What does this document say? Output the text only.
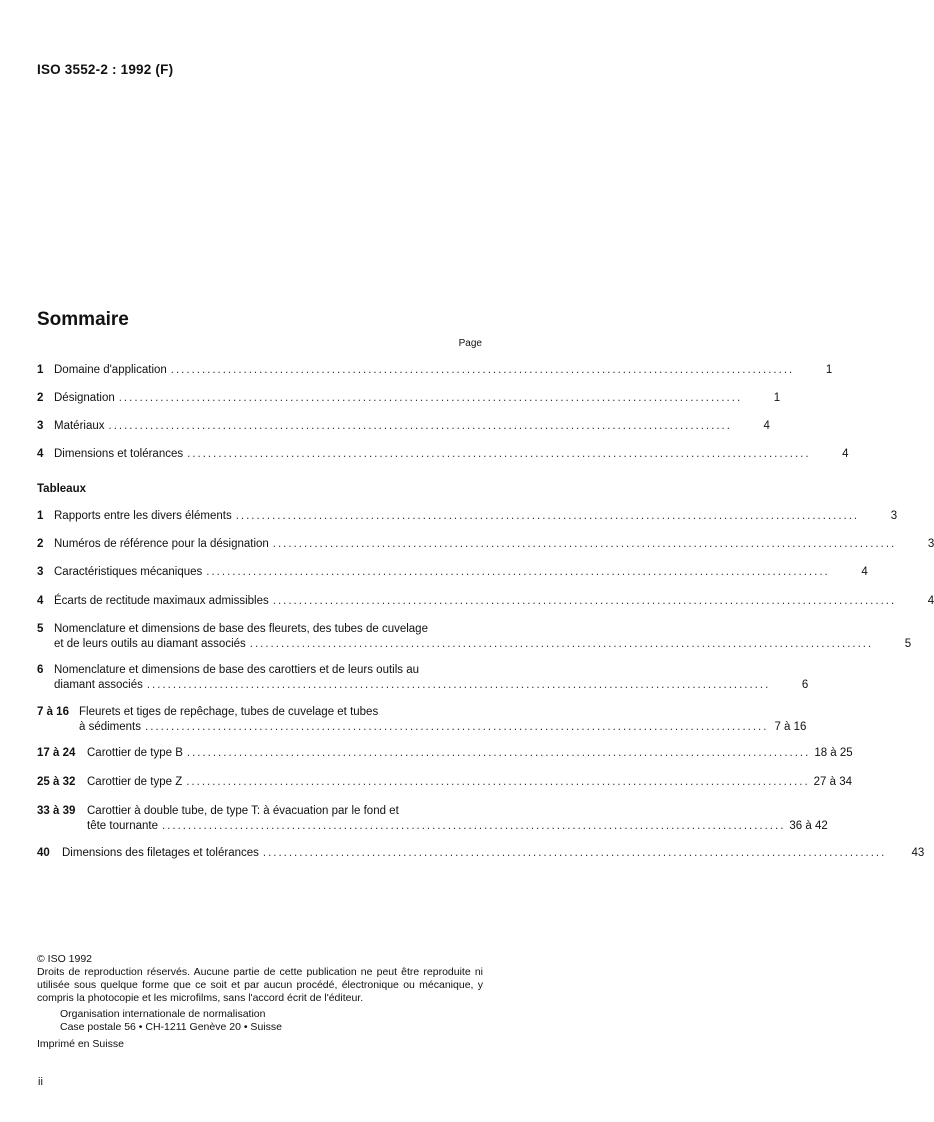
ISO 3552-2 : 1992 (F)
Sommaire
Page
1 Domaine d'application ........................................................................................................................	1
2 Désignation ........................................................................................................................	1
3 Matériaux ........................................................................................................................	4
4 Dimensions et tolérances ........................................................................................................................	4
Tableaux
1 Rapports entre les divers éléments ........................................................................................................................	3
2 Numéros de référence pour la désignation ........................................................................................................................	3
3 Caractéristiques mécaniques ........................................................................................................................	4
4 Écarts de rectitude maximaux admissibles ........................................................................................................................	4
5 Nomenclature et dimensions de base des fleurets, des tubes de cuvelage
et de leurs outils au diamant associés ........................................................................................................................	5
6 Nomenclature et dimensions de base des carottiers et de leurs outils au
diamant associés ........................................................................................................................	6
7 à 16 Fleurets et tiges de repêchage, tubes de cuvelage et tubes
à sédiments ........................................................................................................................ 7 à 16
17 à 24	Carottier de type B ........................................................................................................................ 18 à 25
25 à 32	Carottier de type Z ........................................................................................................................ 27 à 34
33 à 39	Carottier à double tube, de type T: à évacuation par le fond et
tête tournante ........................................................................................................................ 36 à 42
40	Dimensions des filetages et tolérances ........................................................................................................................	43

© ISO 1992

Droits de reproduction réservés. Aucune partie de cette publication ne peut être reproduite ni utilisée sous quelque forme que ce soit et par aucun procédé, électronique ou mécanique, y compris la photocopie et les microfilms, sans l'accord écrit de l'éditeur.

Organisation internationale de normalisation

Case postale 56 • CH-1211 Genève 20 • Suisse

Imprimé en Suisse

ii
